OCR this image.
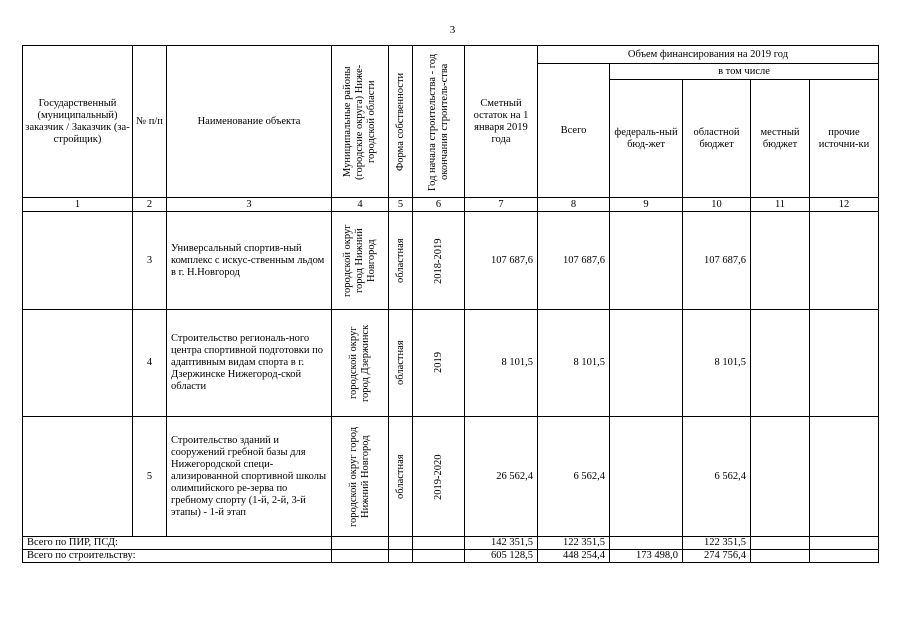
3
Государственный (муниципальный) заказчик / Заказчик (за-стройщик)	№ п/п	Наименование объекта	Муниципальные районы (городские округа) Ниже-городской области	Форма собственности	Год начала строительства - год окончания строитель-ства	Сметный остаток на 1 января 2019 года	Объем финансирования на 2019 год				
							Всего	в том числе			
								федераль-ный бюд-жет	областной бюджет	местный бюджет	прочие источни-ки
1	2	3	4	5	6	7	8	9	10	11	12
	3	Универсальный спортив-ный комплекс с искус-ственным льдом в г. Н.Новгород	городской округ город Нижний Новгород	областная	2018-2019	107 687,6	107 687,6		107 687,6		
	4	Строительство региональ-ного центра спортивной подготовки по адаптивным видам спорта в г. Дзержинске Нижегород-ской области	городской округ город Дзержинск	областная	2019	8 101,5	8 101,5		8 101,5		
	5	Строительство зданий и сооружений гребной базы для Нижегородской специ-ализированной спортивной школы олимпийского ре-зерва по гребному спорту (1-й, 2-й, 3-й этапы) - 1-й этап	городской округ город Нижний Новгород	областная	2019-2020	26 562,4	6 562,4		6 562,4		
Всего по ПИР, ПСД:						142 351,5	122 351,5		122 351,5		
Всего по строительству:						605 128,5	448 254,4	173 498,0	274 756,4		
